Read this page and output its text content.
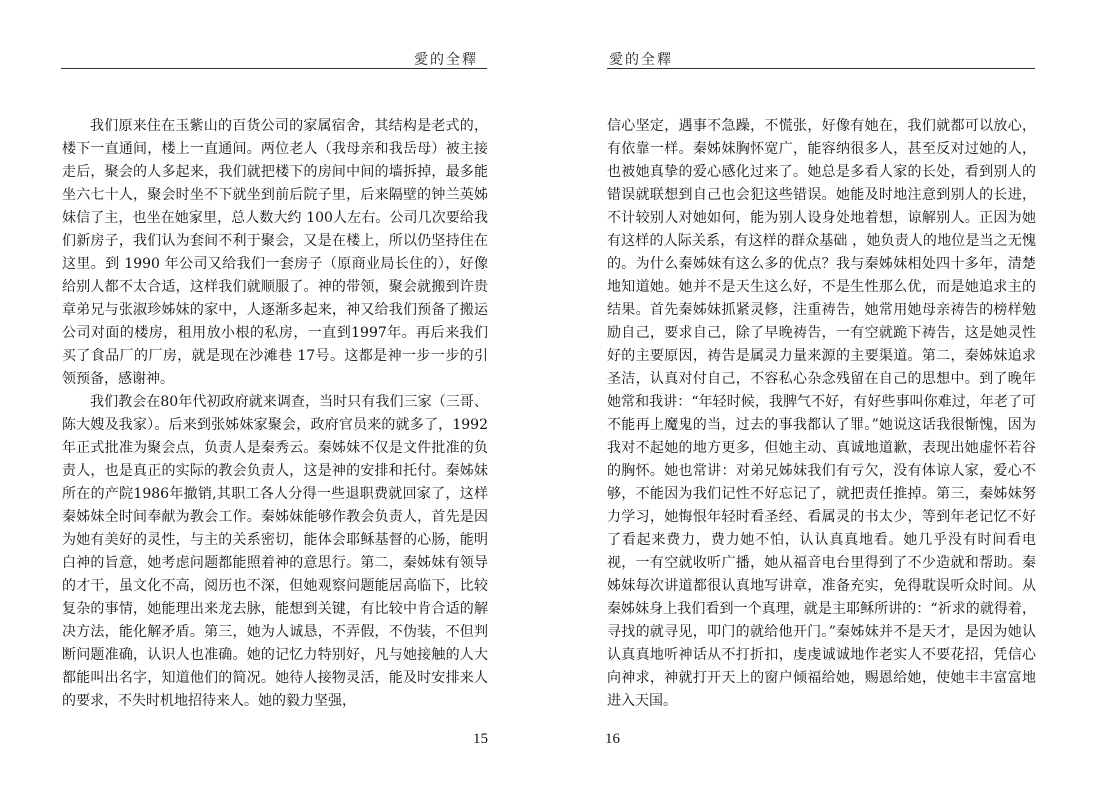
愛的全釋

我们原来住在玉紫山的百货公司的家属宿舍，其结构是老式的，楼下一直通间，楼上一直通间。两位老人（我母亲和我岳母）被主接走后，聚会的人多起来，我们就把楼下的房间中间的墙拆掉，最多能坐六七十人，聚会时坐不下就坐到前后院子里，后来隔壁的钟兰英姊妹信了主，也坐在她家里，总人数大约 100人左右。公司几次要给我们新房子，我们认为套间不利于聚会，又是在楼上，所以仍坚持住在这里。到 1990 年公司又给我们一套房子（原商业局长住的），好像给别人都不太合适，这样我们就顺服了。神的带领，聚会就搬到许贵章弟兄与张淑珍姊妹的家中，人逐渐多起来，神又给我们预备了搬运公司对面的楼房，租用放小根的私房，一直到1997年。再后来我们买了食品厂的厂房，就是现在沙滩巷 17号。这都是神一步一步的引领预备，感谢神。

我们教会在80年代初政府就来调查，当时只有我们三家（三哥、陈大嫂及我家）。后来到张姊妹家聚会，政府官员来的就多了，1992年正式批准为聚会点，负责人是秦秀云。秦姊妹不仅是文件批准的负责人，也是真正的实际的教会负责人，这是神的安排和托付。秦姊妹所在的产院1986年撤销,其职工各人分得一些退职费就回家了，这样秦姊妹全时间奉献为教会工作。秦姊妹能够作教会负责人，首先是因为她有美好的灵性，与主的关系密切，能体会耶稣基督的心肠，能明白神的旨意，她考虑问题都能照着神的意思行。第二，秦姊妹有领导的才干，虽文化不高，阅历也不深，但她观察问题能居高临下，比较复杂的事情，她能理出来龙去脉，能想到关键，有比较中肯合适的解决方法，能化解矛盾。第三，她为人诚恳，不弄假，不伪装，不但判断问题准确，认识人也准确。她的记忆力特别好，凡与她接触的人大都能叫出名字，知道他们的简况。她待人接物灵活，能及时安排来人的要求，不失时机地招待来人。她的毅力坚强，

15
愛的全釋

信心坚定，遇事不急躁，不慌张，好像有她在，我们就都可以放心，有依靠一样。秦姊妹胸怀宽广，能容纳很多人，甚至反对过她的人，也被她真挚的爱心感化过来了。她总是多看人家的长处，看到别人的错误就联想到自己也会犯这些错误。她能及时地注意到别人的长进，不计较别人对她如何，能为别人设身处地着想，谅解别人。正因为她有这样的人际关系，有这样的群众基础 ，她负责人的地位是当之无愧的。为什么秦姊妹有这么多的优点？我与秦姊妹相处四十多年，清楚地知道她。她并不是天生这么好，不是生性那么优，而是她追求主的结果。首先秦姊妹抓紧灵修，注重祷告，她常用她母亲祷告的榜样勉励自己，要求自己，除了早晚祷告，一有空就跪下祷告，这是她灵性好的主要原因，祷告是属灵力量来源的主要渠道。第二，秦姊妹追求圣洁，认真对付自己，不容私心杂念残留在自己的思想中。到了晚年她常和我讲：“年轻时候，我脾气不好，有好些事叫你难过，年老了可不能再上魔鬼的当，过去的事我都认了罪。”她说这话我很惭愧，因为我对不起她的地方更多，但她主动、真诚地道歉，表现出她虚怀若谷的胸怀。她也常讲：对弟兄姊妹我们有亏欠，没有体谅人家，爱心不够，不能因为我们记性不好忘记了，就把责任推掉。第三，秦姊妹努力学习，她悔恨年轻时看圣经、看属灵的书太少，等到年老记忆不好了看起来费力，费力她不怕，认认真真地看。她几乎没有时间看电视，一有空就收听广播，她从福音电台里得到了不少造就和帮助。秦姊妹每次讲道都很认真地写讲章，准备充实，免得耽误听众时间。从秦姊妹身上我们看到一个真理，就是主耶稣所讲的：“祈求的就得着，寻找的就寻见，叩门的就给他开门。”秦姊妹并不是天才，是因为她认认真真地听神话从不打折扣，虔虔诚诚地作老实人不要花招，凭信心向神求，神就打开天上的窗户倾福给她，赐恩给她，使她丰丰富富地进入天国。

16
